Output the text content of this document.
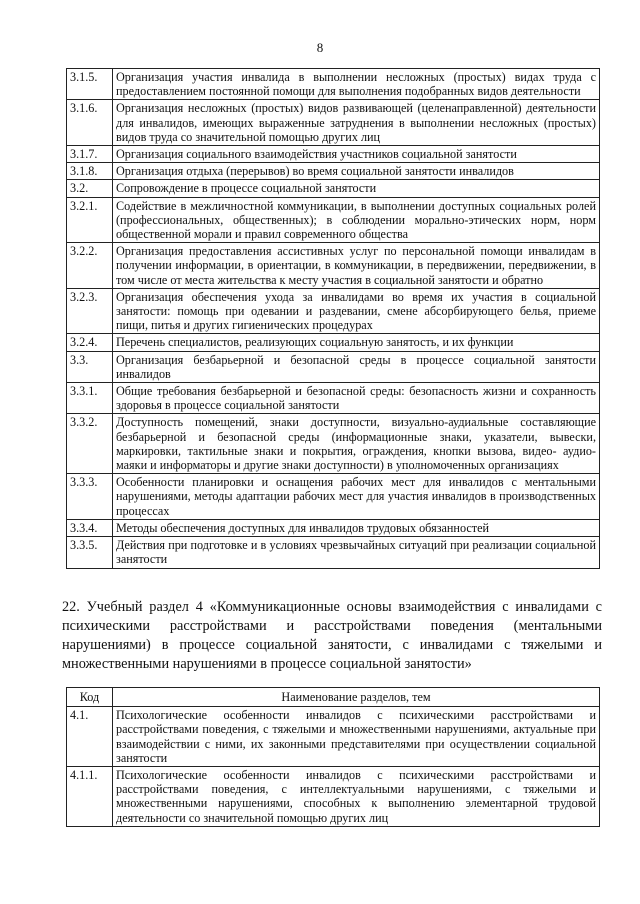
8
3.1.5.	Организация участия инвалида в выполнении несложных (простых) видах труда с предоставлением постоянной помощи для выполнения подобранных видов деятельности
3.1.6.	Организация несложных (простых) видов развивающей (целенаправленной) деятельности для инвалидов, имеющих выраженные затруднения в выполнении несложных (простых) видов труда со значительной помощью других лиц
3.1.7.	Организация социального взаимодействия участников социальной занятости
3.1.8.	Организация отдыха (перерывов) во время социальной занятости инвалидов
3.2.	Сопровождение в процессе социальной занятости
3.2.1.	Содействие в межличностной коммуникации, в выполнении доступных социальных ролей (профессиональных, общественных); в соблюдении морально-этических норм, норм общественной морали и правил современного общества
3.2.2.	Организация предоставления ассистивных услуг по персональной помощи инвалидам в получении информации, в ориентации, в коммуникации, в передвижении, передвижении, в том числе от места жительства к месту участия в социальной занятости и обратно
3.2.3.	Организация обеспечения ухода за инвалидами во время их участия в социальной занятости: помощь при одевании и раздевании, смене абсорбирующего белья, приеме пищи, питья и других гигиенических процедурах
3.2.4.	Перечень специалистов, реализующих социальную занятость, и их функции
3.3.	Организация безбарьерной и безопасной среды в процессе социальной занятости инвалидов
3.3.1.	Общие требования безбарьерной и безопасной среды: безопасность жизни и сохранность здоровья в процессе социальной занятости
3.3.2.	Доступность помещений, знаки доступности, визуально-аудиальные составляющие безбарьерной и безопасной среды (информационные знаки, указатели, вывески, маркировки, тактильные знаки и покрытия, ограждения, кнопки вызова, видео- аудио- маяки и информаторы и другие знаки доступности) в уполномоченных организациях
3.3.3.	Особенности планировки и оснащения рабочих мест для инвалидов с ментальными нарушениями, методы адаптации рабочих мест для участия инвалидов в производственных процессах
3.3.4.	Методы обеспечения доступных для инвалидов трудовых обязанностей
3.3.5.	Действия при подготовке и в условиях чрезвычайных ситуаций при реализации социальной занятости
22. Учебный раздел 4 «Коммуникационные основы взаимодействия с инвалидами с психическими расстройствами и расстройствами поведения (ментальными нарушениями) в процессе социальной занятости, с инвалидами с тяжелыми и множественными нарушениями в процессе социальной занятости»
Код	Наименование разделов, тем
4.1.	Психологические особенности инвалидов с психическими расстройствами и расстройствами поведения, с тяжелыми и множественными нарушениями, актуальные при взаимодействии с ними, их законными представителями при осуществлении социальной занятости
4.1.1.	Психологические особенности инвалидов с психическими расстройствами и расстройствами поведения, с интеллектуальными нарушениями, с тяжелыми и множественными нарушениями, способных к выполнению элементарной трудовой деятельности со значительной помощью других лиц
